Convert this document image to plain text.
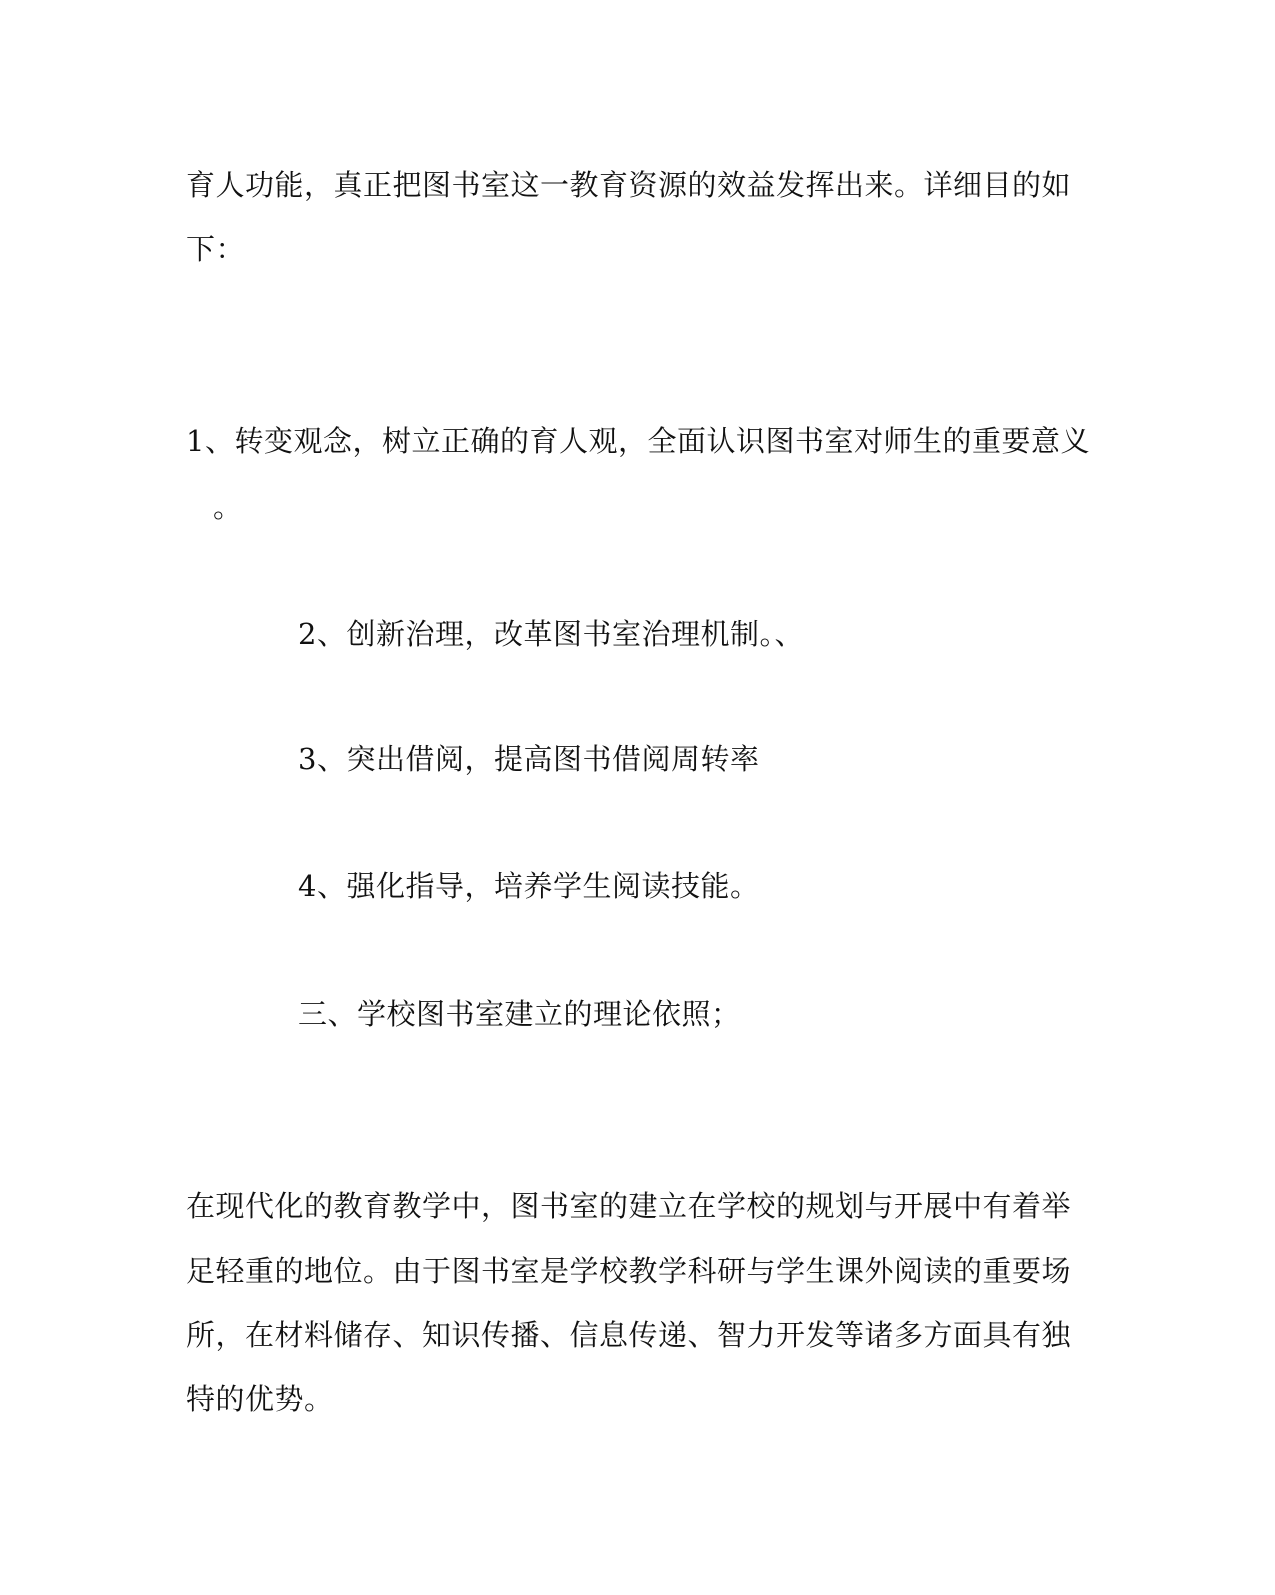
育人功能，真正把图书室这一教育资源的效益发挥出来。详细目的如
下：
1、转变观念，树立正确的育人观，全面认识图书室对师生的重要意义
。
2、创新治理，改革图书室治理机制。、
3、突出借阅，提高图书借阅周转率
4、强化指导，培养学生阅读技能。
三、学校图书室建立的理论依照；
在现代化的教育教学中，图书室的建立在学校的规划与开展中有着举
足轻重的地位。由于图书室是学校教学科研与学生课外阅读的重要场
所，在材料储存、知识传播、信息传递、智力开发等诸多方面具有独
特的优势。
